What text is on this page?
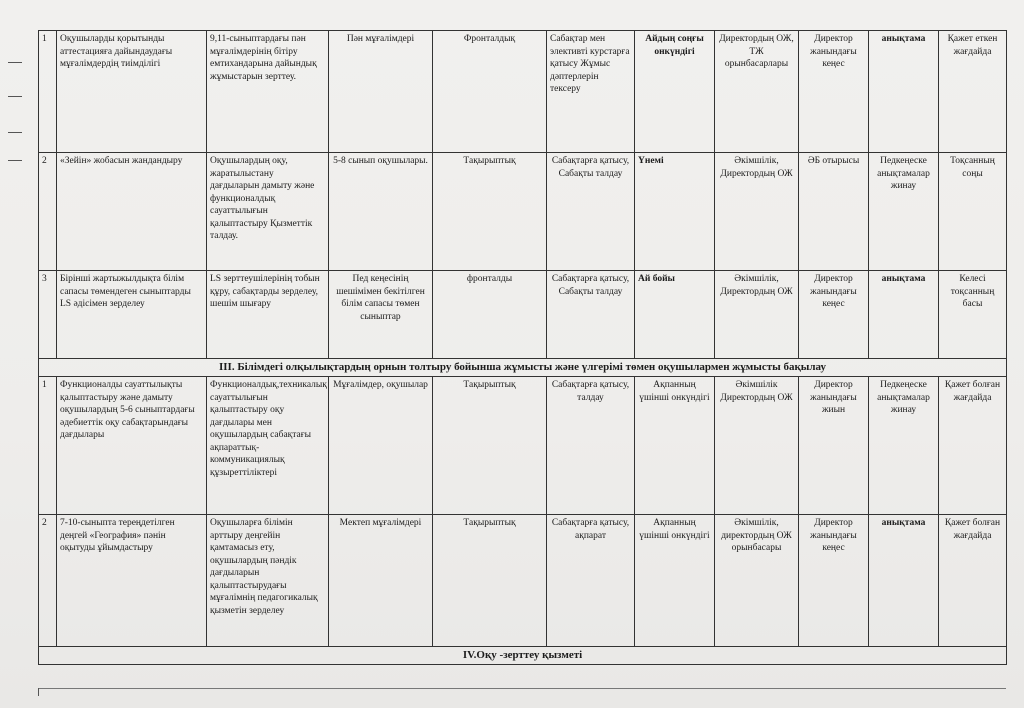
1	Оқушыларды қорытынды аттестацияға дайындаудағы мұғалімдердің тиімділігі	9,11-сыныптардағы пән мұғалімдерінің бітіру емтихандарына дайындық жұмыстарын зерттеу.	Пән мұғалімдері	Фронталдық	Сабақтар мен элективті курстарға қатысу Жұмыс дәптерлерін тексеру	Айдың соңғы онкүндігі	Директордың ОЖ, ТЖ орынбасарлары	Директор жанындағы кеңес	анықтама	Қажет еткен жағдайда
2	«Зейін» жобасын жандандыру	Оқушылардың оқу, жаратылыстану дағдыларын дамыту және функционалдық сауаттылығын қалыптастыру Қызметтік талдау.	5-8 сынып оқушылары.	Тақырыптық	Сабақтарға қатысу, Сабақты талдау	Үнемі	Әкімшілік, Директордың ОЖ	ӘБ отырысы	Педкеңеске анықтамалар жинау	Тоқсанның соңы
3	Бірінші жартыжылдықта білім сапасы төмендеген сыныптарды LS әдісімен зерделеу	LS зерттеушілерінің тобын құру, сабақтарды зерделеу, шешім шығару	Пед кеңесінің шешімімен бекітілген білім сапасы төмен сыныптар	фронталды	Сабақтарға қатысу, Сабақты талдау	Ай бойы	Әкімшілік, Директордың ОЖ	Директор жанындағы кеңес	анықтама	Келесі тоқсанның басы
III. Білімдегі олқылықтардың орнын толтыру бойынша жұмысты және үлгерімі төмен оқушылармен жұмысты бақылау										
1	Функционалды сауаттылықты қалыптастыру және дамыту оқушылардың 5-6 сыныптардағы әдебиеттік оқу сабақтарындағы дағдылары	Функционалдық,техникалық сауаттылығын қалыптастыру оқу дағдылары мен оқушылардың сабақтағы ақпараттық-коммуникациялық құзыреттіліктері	Мұғалімдер, оқушылар	Тақырыптық	Сабақтарға қатысу, талдау	Ақпанның үшінші онкүндігі	Әкімшілік Директордың ОЖ	Директор жанындағы жиын	Педкеңеске анықтамалар жинау	Қажет болған жағдайда
2	7-10-сыныпта тереңдетілген деңгей «География» пәнін оқытуды ұйымдастыру	Оқушыларға білімін арттыру деңгейін қамтамасыз ету, оқушылардың пәндік дағдыларын қалыптастырудағы мұғалімнің педагогикалық қызметін зерделеу	Мектеп мұғалімдері	Тақырыптық	Сабақтарға қатысу, ақпарат	Ақпанның үшінші онкүндігі	Әкімшілік, директордың ОЖ орынбасары	Директор жанындағы кеңес	анықтама	Қажет болған жағдайда
IV.Оқу -зерттеу қызметі										
